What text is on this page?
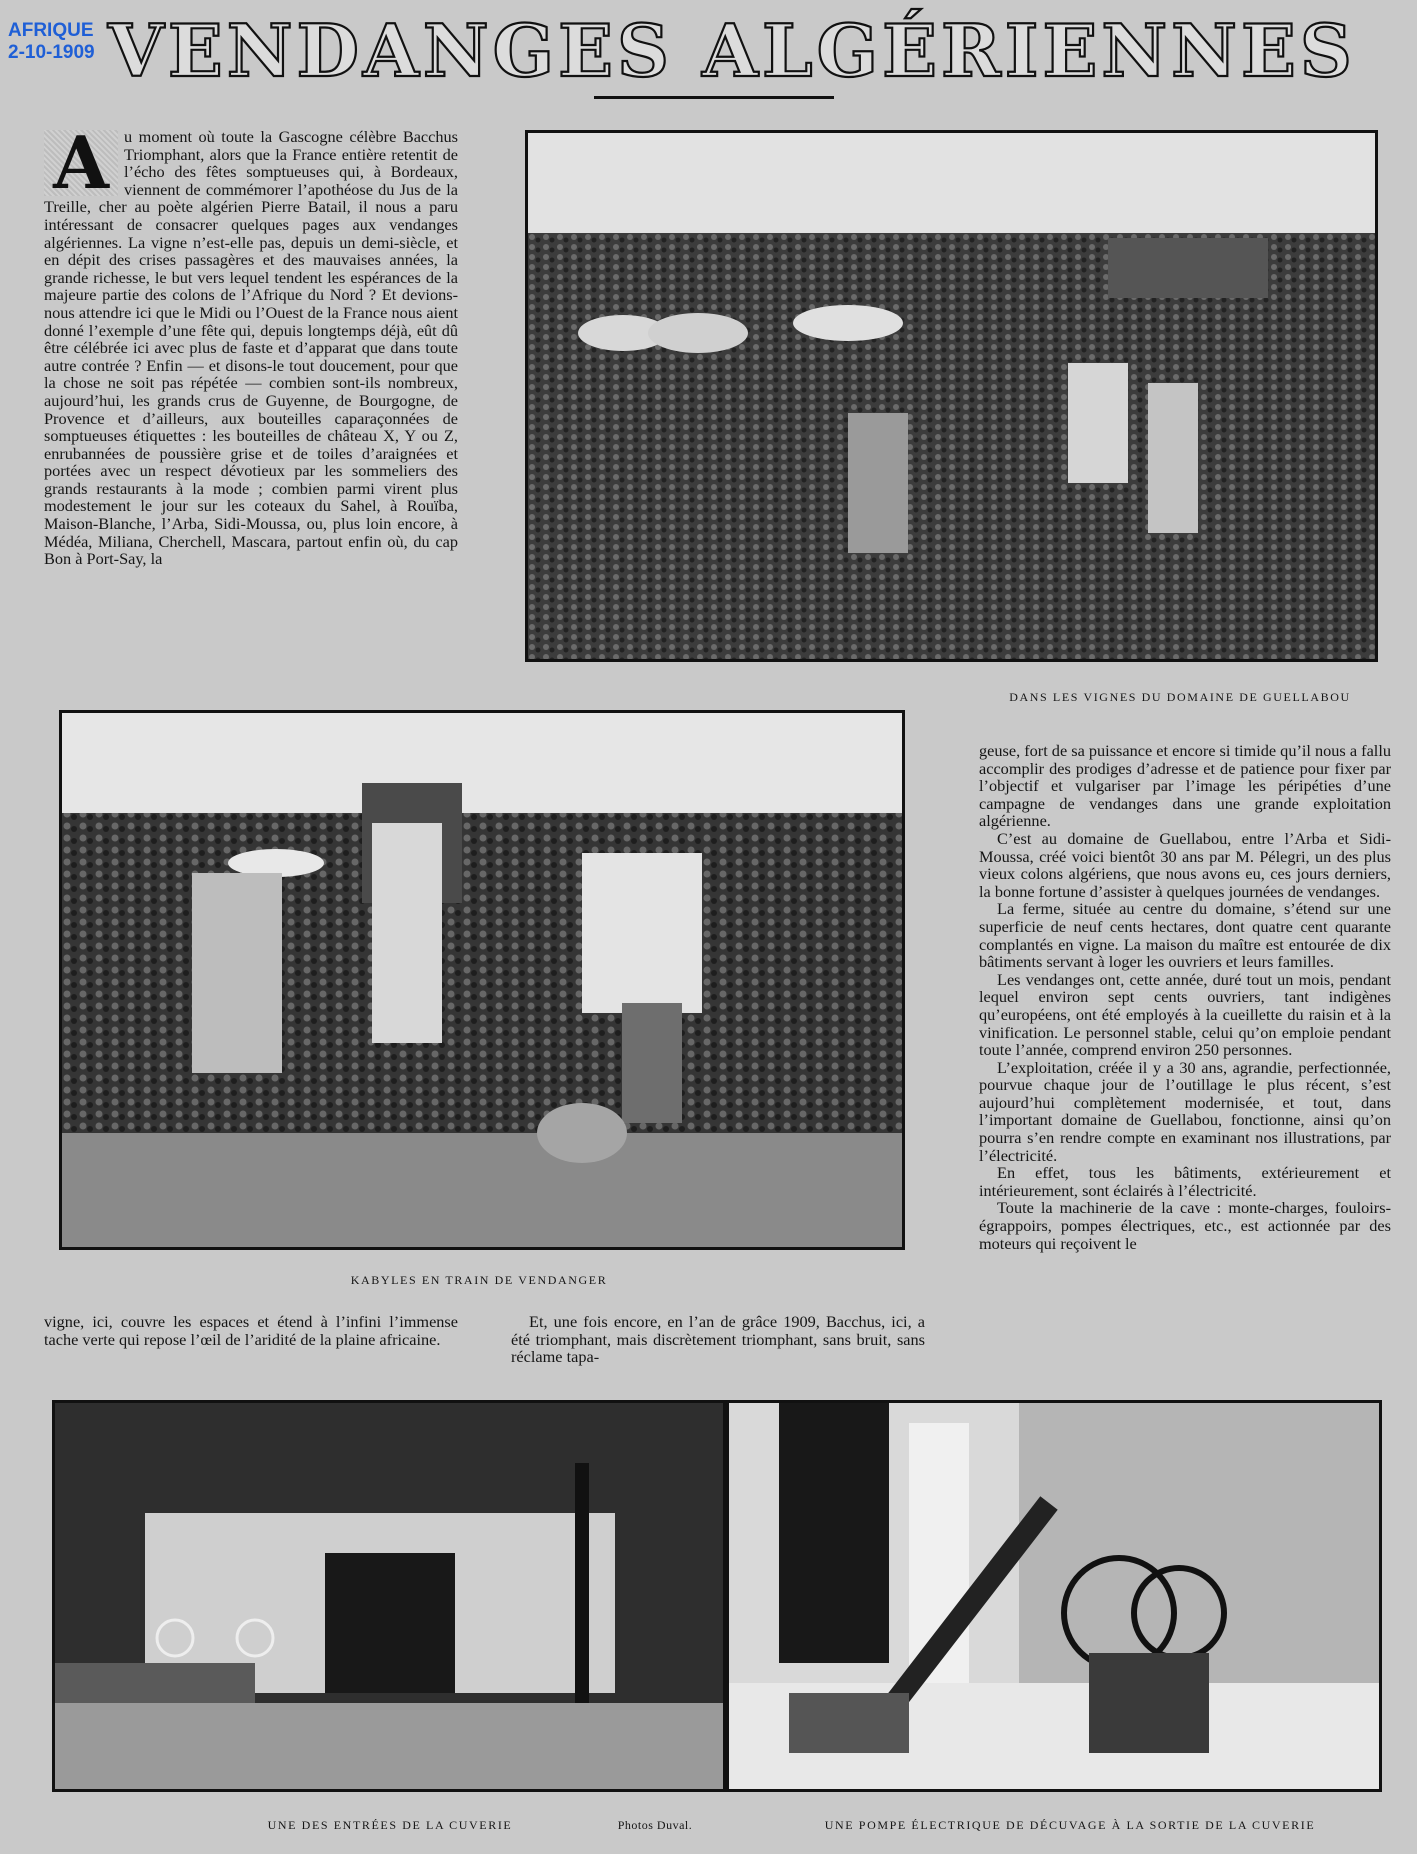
AFRIQUE
2-10-1909 VENDANGES ALGÉRIENNES

A u moment où toute la Gascogne célèbre Bacchus Triomphant, alors que la France entière retentit de l’écho des fêtes somptueuses qui, à Bordeaux, viennent de commémorer l’apothéose du Jus de la Treille, cher au poète algérien Pierre Batail, il nous a paru intéressant de consacrer quelques pages aux vendanges algériennes. La vigne n’est-elle pas, depuis un demi-siècle, et en dépit des crises passagères et des mauvaises années, la grande richesse, le but vers lequel tendent les espérances de la majeure partie des colons de l’Afrique du Nord ? Et devions-nous attendre ici que le Midi ou l’Ouest de la France nous aient donné l’exemple d’une fête qui, depuis longtemps déjà, eût dû être célébrée ici avec plus de faste et d’apparat que dans toute autre contrée ? Enfin — et disons-le tout doucement, pour que la chose ne soit pas répétée — combien sont-ils nombreux, aujourd’hui, les grands crus de Guyenne, de Bourgogne, de Provence et d’ailleurs, aux bouteilles caparaçonnées de somptueuses étiquettes : les bouteilles de château X, Y ou Z, enrubannées de poussière grise et de toiles d’araignées et portées avec un respect dévotieux par les sommeliers des grands restaurants à la mode ; combien parmi virent plus modestement le jour sur les coteaux du Sahel, à Rouïba, Maison-Blanche, l’Arba, Sidi-Moussa, ou, plus loin encore, à Médéa, Miliana, Cherchell, Mascara, partout enfin où, du cap Bon à Port-Say, la

DANS LES VIGNES DU DOMAINE DE GUELLABOU
KABYLES EN TRAIN DE VENDANGER

geuse, fort de sa puissance et encore si timide qu’il nous a fallu accomplir des prodiges d’adresse et de patience pour fixer par l’objectif et vulgariser par l’image les péripéties d’une campagne de vendanges dans une grande exploitation algérienne.

C’est au domaine de Guellabou, entre l’Arba et Sidi-Moussa, créé voici bientôt 30 ans par M. Pélegri, un des plus vieux colons algériens, que nous avons eu, ces jours derniers, la bonne fortune d’assister à quelques journées de vendanges.

La ferme, située au centre du domaine, s’étend sur une superficie de neuf cents hectares, dont quatre cent quarante complantés en vigne. La maison du maître est entourée de dix bâtiments servant à loger les ouvriers et leurs familles.

Les vendanges ont, cette année, duré tout un mois, pendant lequel environ sept cents ouvriers, tant indigènes qu’européens, ont été employés à la cueillette du raisin et à la vinification. Le personnel stable, celui qu’on emploie pendant toute l’année, comprend environ 250 personnes.

L’exploitation, créée il y a 30 ans, agrandie, perfectionnée, pourvue chaque jour de l’outillage le plus récent, s’est aujourd’hui complètement modernisée, et tout, dans l’important domaine de Guellabou, fonctionne, ainsi qu’on pourra s’en rendre compte en examinant nos illustrations, par l’électricité.

En effet, tous les bâtiments, extérieurement et intérieurement, sont éclairés à l’électricité.

Toute la machinerie de la cave : monte-charges, fouloirs-égrappoirs, pompes électriques, etc., est actionnée par des moteurs qui reçoivent le

vigne, ici, couvre les espaces et étend à l’infini l’immense tache verte qui repose l’œil de l’aridité de la plaine africaine.

Et, une fois encore, en l’an de grâce 1909, Bacchus, ici, a été triomphant, mais discrètement triomphant, sans bruit, sans réclame tapa-

UNE DES ENTRÉES DE LA CUVERIE	Photos Duval.	UNE POMPE ÉLECTRIQUE DE DÉCUVAGE À LA SORTIE DE LA CUVERIE
